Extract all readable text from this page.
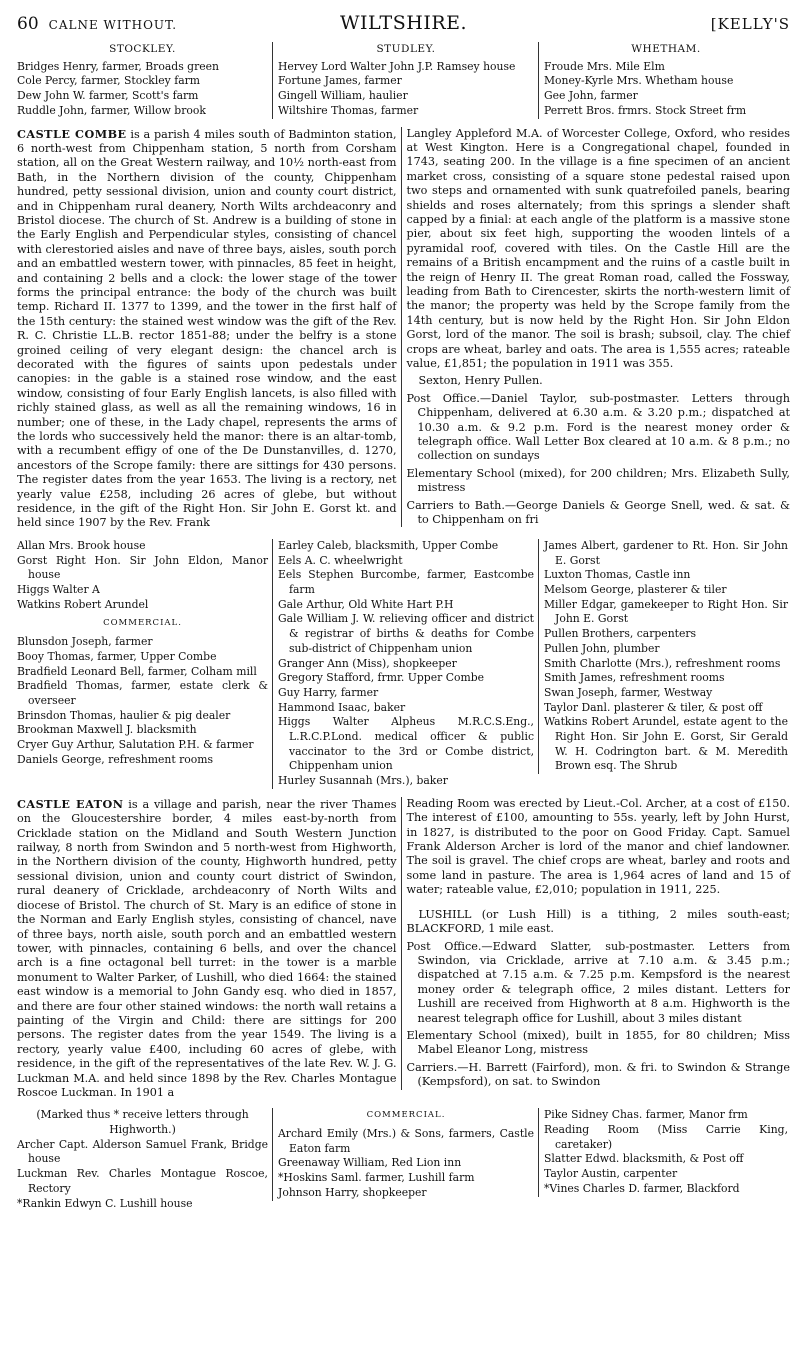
60 CALNE WITHOUT.	WILTSHIRE.	[KELLY'S
STOCKLEY.
Bridges Henry, farmer, Broads green
Cole Percy, farmer, Stockley farm
Dew John W. farmer, Scott's farm
Ruddle John, farmer, Willow brook
STUDLEY.
Hervey Lord Walter John J.P. Ramsey house
Fortune James, farmer
Gingell William, haulier
Wiltshire Thomas, farmer
WHETHAM.
Froude Mrs. Mile Elm
Money-Kyrle Mrs. Whetham house
Gee John, farmer
Perrett Bros. frmrs. Stock Street frm

CASTLE COMBE is a parish 4 miles south of Badminton station, 6 north-west from Chippenham station, 5 north from Corsham station, all on the Great Western railway, and 10½ north-east from Bath, in the Northern division of the county, Chippenham hundred, petty sessional division, union and county court district, and in Chippenham rural deanery, North Wilts archdeaconry and Bristol diocese. The church of St. Andrew is a building of stone in the Early English and Perpendicular styles, consisting of chancel with clerestoried aisles and nave of three bays, aisles, south porch and an embattled western tower, with pinnacles, 85 feet in height, and containing 2 bells and a clock: the lower stage of the tower forms the principal entrance: the body of the church was built temp. Richard II. 1377 to 1399, and the tower in the first half of the 15th century: the stained west window was the gift of the Rev. R. C. Christie LL.B. rector 1851-88; under the belfry is a stone groined ceiling of very elegant design: the chancel arch is decorated with the figures of saints upon pedestals under canopies: in the gable is a stained rose window, and the east window, consisting of four Early English lancets, is also filled with richly stained glass, as well as all the remaining windows, 16 in number; one of these, in the Lady chapel, represents the arms of the lords who successively held the manor: there is an altar-tomb, with a recumbent effigy of one of the De Dunstanvilles, d. 1270, ancestors of the Scrope family: there are sittings for 430 persons. The register dates from the year 1653. The living is a rectory, net yearly value £258, including 26 acres of glebe, but without residence, in the gift of the Right Hon. Sir John E. Gorst kt. and held since 1907 by the Rev. Frank

Langley Appleford M.A. of Worcester College, Oxford, who resides at West Kington. Here is a Congregational chapel, founded in 1743, seating 200. In the village is a fine specimen of an ancient market cross, consisting of a square stone pedestal raised upon two steps and ornamented with sunk quatrefoiled panels, bearing shields and roses alternately; from this springs a slender shaft capped by a finial: at each angle of the platform is a massive stone pier, about six feet high, supporting the wooden lintels of a pyramidal roof, covered with tiles. On the Castle Hill are the remains of a British encampment and the ruins of a castle built in the reign of Henry II. The great Roman road, called the Fossway, leading from Bath to Cirencester, skirts the north-western limit of the manor; the property was held by the Scrope family from the 14th century, but is now held by the Right Hon. Sir John Eldon Gorst, lord of the manor. The soil is brash; subsoil, clay. The chief crops are wheat, barley and oats. The area is 1,555 acres; rateable value, £1,851; the population in 1911 was 355.

Sexton, Henry Pullen.

Post Office.—Daniel Taylor, sub-postmaster. Letters through Chippenham, delivered at 6.30 a.m. & 3.20 p.m.; dispatched at 10.30 a.m. & 9.2 p.m. Ford is the nearest money order & telegraph office. Wall Letter Box cleared at 10 a.m. & 8 p.m.; no collection on sundays

Elementary School (mixed), for 200 children; Mrs. Elizabeth Sully, mistress

Carriers to Bath.—George Daniels & George Snell, wed. & sat. & to Chippenham on fri

Allan Mrs. Brook house
Gorst Right Hon. Sir John Eldon, Manor house
Higgs Walter A
Watkins Robert Arundel
COMMERCIAL.
Blunsdon Joseph, farmer
Booy Thomas, farmer, Upper Combe
Bradfield Leonard Bell, farmer, Colham mill
Bradfield Thomas, farmer, estate clerk & overseer
Brinsdon Thomas, haulier & pig dealer
Brookman Maxwell J. blacksmith
Cryer Guy Arthur, Salutation P.H. & farmer
Daniels George, refreshment rooms
Earley Caleb, blacksmith, Upper Combe
Eels A. C. wheelwright
Eels Stephen Burcombe, farmer, Eastcombe farm
Gale Arthur, Old White Hart P.H
Gale William J. W. relieving officer and district & registrar of births & deaths for Combe sub-district of Chippenham union
Granger Ann (Miss), shopkeeper
Gregory Stafford, frmr. Upper Combe
Guy Harry, farmer
Hammond Isaac, baker
Higgs Walter Alpheus M.R.C.S.Eng., L.R.C.P.Lond. medical officer & public vaccinator to the 3rd or Combe district, Chippenham union
Hurley Susannah (Mrs.), baker
James Albert, gardener to Rt. Hon. Sir John E. Gorst
Luxton Thomas, Castle inn
Melsom George, plasterer & tiler
Miller Edgar, gamekeeper to Right Hon. Sir John E. Gorst
Pullen Brothers, carpenters
Pullen John, plumber
Smith Charlotte (Mrs.), refreshment rooms
Smith James, refreshment rooms
Swan Joseph, farmer, Westway
Taylor Danl. plasterer & tiler, & post off
Watkins Robert Arundel, estate agent to the Right Hon. Sir John E. Gorst, Sir Gerald W. H. Codrington bart. & M. Meredith Brown esq. The Shrub

CASTLE EATON is a village and parish, near the river Thames on the Gloucestershire border, 4 miles east-by-north from Cricklade station on the Midland and South Western Junction railway, 8 north from Swindon and 5 north-west from Highworth, in the Northern division of the county, Highworth hundred, petty sessional division, union and county court district of Swindon, rural deanery of Cricklade, archdeaconry of North Wilts and diocese of Bristol. The church of St. Mary is an edifice of stone in the Norman and Early English styles, consisting of chancel, nave of three bays, north aisle, south porch and an embattled western tower, with pinnacles, containing 6 bells, and over the chancel arch is a fine octagonal bell turret: in the tower is a marble monument to Walter Parker, of Lushill, who died 1664: the stained east window is a memorial to John Gandy esq. who died in 1857, and there are four other stained windows: the north wall retains a painting of the Virgin and Child: there are sittings for 200 persons. The register dates from the year 1549. The living is a rectory, yearly value £400, including 60 acres of glebe, with residence, in the gift of the representatives of the late Rev. W. J. G. Luckman M.A. and held since 1898 by the Rev. Charles Montague Roscoe Luckman. In 1901 a

Reading Room was erected by Lieut.-Col. Archer, at a cost of £150. The interest of £100, amounting to 55s. yearly, left by John Hurst, in 1827, is distributed to the poor on Good Friday. Capt. Samuel Frank Alderson Archer is lord of the manor and chief landowner. The soil is gravel. The chief crops are wheat, barley and roots and some land in pasture. The area is 1,964 acres of land and 15 of water; rateable value, £2,010; population in 1911, 225.

LUSHILL (or Lush Hill) is a tithing, 2 miles south-east; BLACKFORD, 1 mile east.

Post Office.—Edward Slatter, sub-postmaster. Letters from Swindon, via Cricklade, arrive at 7.10 a.m. & 3.45 p.m.; dispatched at 7.15 a.m. & 7.25 p.m. Kempsford is the nearest money order & telegraph office, 2 miles distant. Letters for Lushill are received from Highworth at 8 a.m. Highworth is the nearest telegraph office for Lushill, about 3 miles distant

Elementary School (mixed), built in 1855, for 80 children; Miss Mabel Eleanor Long, mistress

Carriers.—H. Barrett (Fairford), mon. & fri. to Swindon & Strange (Kempsford), on sat. to Swindon

(Marked thus * receive letters through Highworth.)
Archer Capt. Alderson Samuel Frank, Bridge house
Luckman Rev. Charles Montague Roscoe, Rectory
*Rankin Edwyn C. Lushill house
COMMERCIAL.
Archard Emily (Mrs.) & Sons, farmers, Castle Eaton farm
Greenaway William, Red Lion inn
*Hoskins Saml. farmer, Lushill farm
Johnson Harry, shopkeeper
Pike Sidney Chas. farmer, Manor frm
Reading Room (Miss Carrie King, caretaker)
Slatter Edwd. blacksmith, & Post off
Taylor Austin, carpenter
*Vines Charles D. farmer, Blackford
